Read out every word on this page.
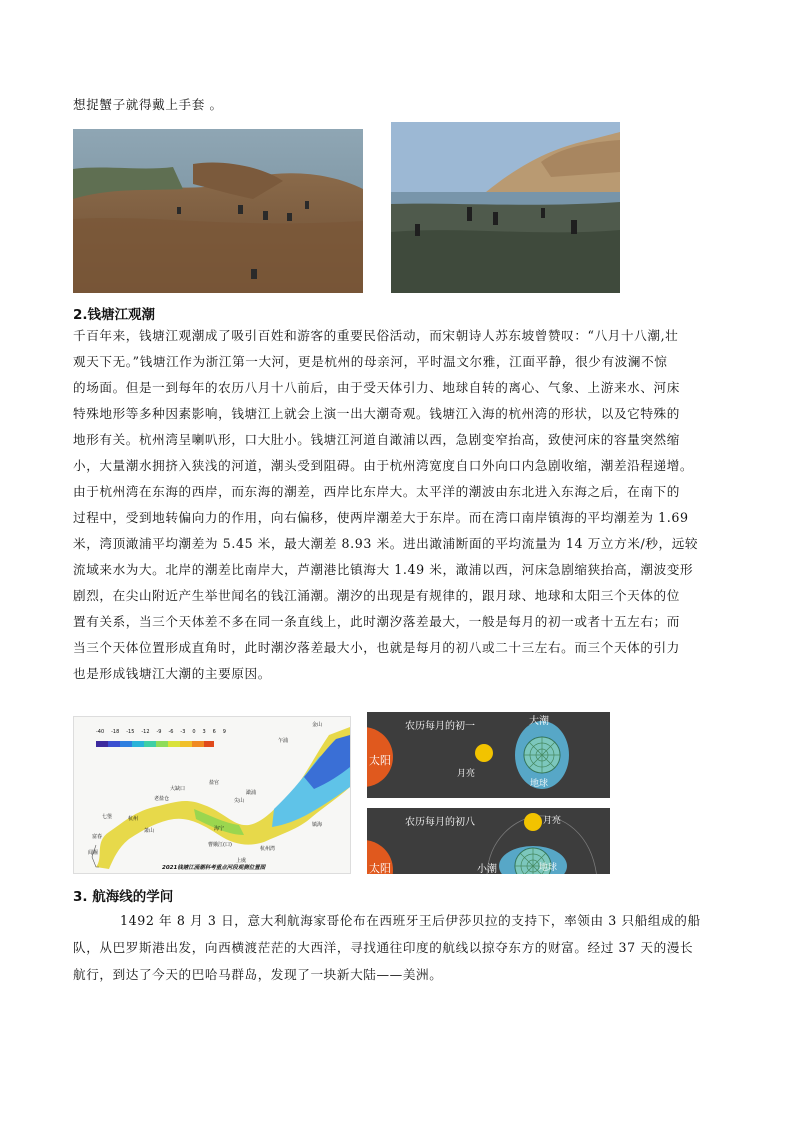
想捉蟹子就得戴上手套 。
2.钱塘江观潮
千百年来，钱塘江观潮成了吸引百姓和游客的重要民俗活动，而宋朝诗人苏东坡曾赞叹：“八月十八潮,壮
观天下无。”钱塘江作为浙江第一大河，更是杭州的母亲河，平时温文尔雅，江面平静，很少有波澜不惊
的场面。但是一到每年的农历八月十八前后，由于受天体引力、地球自转的离心、气象、上游来水、河床
特殊地形等多种因素影响，钱塘江上就会上演一出大潮奇观。钱塘江入海的杭州湾的形状，以及它特殊的
地形有关。杭州湾呈喇叭形，口大肚小。钱塘江河道自澉浦以西，急剧变窄抬高，致使河床的容量突然缩
小，大量潮水拥挤入狭浅的河道，潮头受到阻碍。由于杭州湾宽度自口外向口内急剧收缩，潮差沿程递增。
由于杭州湾在东海的西岸，而东海的潮差，西岸比东岸大。太平洋的潮波由东北进入东海之后，在南下的
过程中，受到地转偏向力的作用，向右偏移，使两岸潮差大于东岸。而在湾口南岸镇海的平均潮差为 1.69
米，湾顶澉浦平均潮差为 5.45 米，最大潮差 8.93 米。进出澉浦断面的平均流量为 14 万立方米/秒，远较
流域来水为大。北岸的潮差比南岸大，芦潮港比镇海大 1.49 米，澉浦以西，河床急剧缩狭抬高，潮波变形
剧烈，在尖山附近产生举世闻名的钱江涌潮。潮汐的出现是有规律的，跟月球、地球和太阳三个天体的位
置有关系，当三个天体差不多在同一条直线上，此时潮汐落差最大，一般是每月的初一或者十五左右；而
当三个天体位置形成直角时，此时潮汐落差最大小，也就是每月的初八或二十三左右。而三个天体的引力
也是形成钱塘江大潮的主要原因。
-40 -18 -15 -12 -9 -6 -3 0 3 6 9
金山
乍浦
盐官
老盐仓
澉浦
尖山
杭州
七堡
大缺口
萧山
富春
闻堰
曹娥江(口)
杭州湾
海宁
上虞
镇海
2021钱塘江涌潮科考重点河段观测位置图
农历每月的初一
太阳
月亮
大潮
地球
农历每月的初八
太阳
月亮
小潮	地球
3. 航海线的学问
1492 年 8 月 3 日，意大利航海家哥伦布在西班牙王后伊莎贝拉的支持下，率领由 3 只船组成的船
队，从巴罗斯港出发，向西横渡茫茫的大西洋，寻找通往印度的航线以掠夺东方的财富。经过 37 天的漫长
航行，到达了今天的巴哈马群岛，发现了一块新大陆——美洲。
